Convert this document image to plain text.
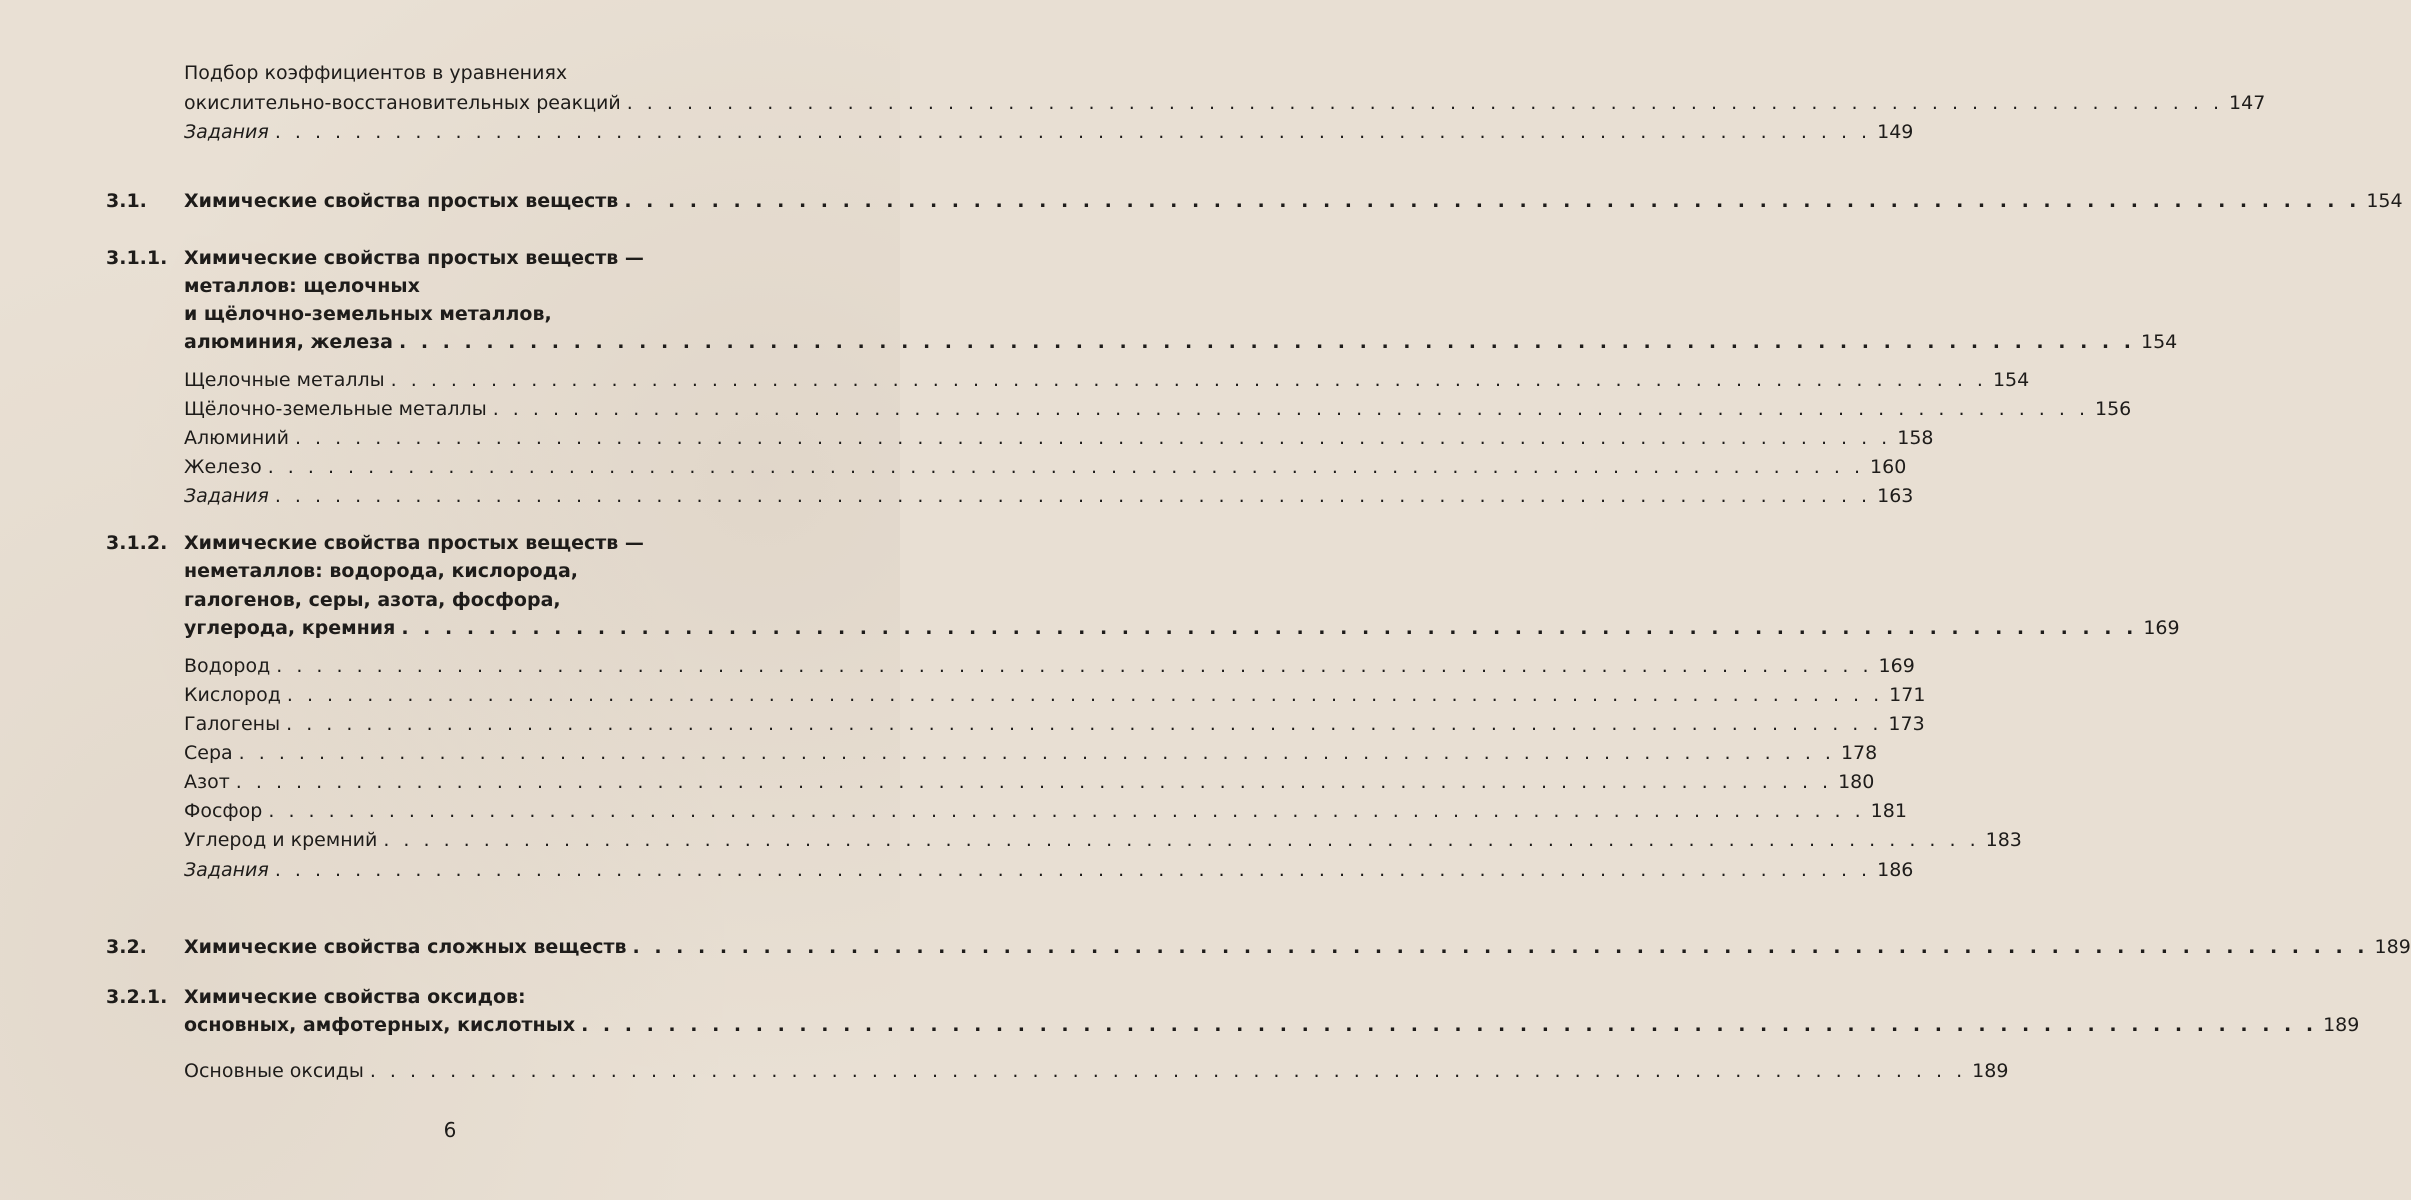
Подбор коэффициентов в уравнениях
окислительно-восстановительных реакций . . . . . . . . . . . . . . . . . . . . . . . . . . . . . . . . . . . . . . . . . . . . . . . . . . . . . . . . . . . . . . . . . . . . . . . . . . . . . . . . 147
Задания . . . . . . . . . . . . . . . . . . . . . . . . . . . . . . . . . . . . . . . . . . . . . . . . . . . . . . . . . . . . . . . . . . . . . . . . . . . . . . . . 149
3.1. Химические свойства простых веществ . . . . . . . . . . . . . . . . . . . . . . . . . . . . . . . . . . . . . . . . . . . . . . . . . . . . . . . . . . . . . . . . . . . . . . . . . . . . . . . . 154
3.1.1. Химические свойства простых веществ —
металлов: щелочных
и щёлочно-земельных металлов,
алюминия, железа . . . . . . . . . . . . . . . . . . . . . . . . . . . . . . . . . . . . . . . . . . . . . . . . . . . . . . . . . . . . . . . . . . . . . . . . . . . . . . . . 154
Щелочные металлы . . . . . . . . . . . . . . . . . . . . . . . . . . . . . . . . . . . . . . . . . . . . . . . . . . . . . . . . . . . . . . . . . . . . . . . . . . . . . . . . 154
Щёлочно-земельные металлы . . . . . . . . . . . . . . . . . . . . . . . . . . . . . . . . . . . . . . . . . . . . . . . . . . . . . . . . . . . . . . . . . . . . . . . . . . . . . . . . 156
Алюминий . . . . . . . . . . . . . . . . . . . . . . . . . . . . . . . . . . . . . . . . . . . . . . . . . . . . . . . . . . . . . . . . . . . . . . . . . . . . . . . . 158
Железо . . . . . . . . . . . . . . . . . . . . . . . . . . . . . . . . . . . . . . . . . . . . . . . . . . . . . . . . . . . . . . . . . . . . . . . . . . . . . . . . 160
Задания . . . . . . . . . . . . . . . . . . . . . . . . . . . . . . . . . . . . . . . . . . . . . . . . . . . . . . . . . . . . . . . . . . . . . . . . . . . . . . . . 163
3.1.2. Химические свойства простых веществ —
неметаллов: водорода, кислорода,
галогенов, серы, азота, фосфора,
углерода, кремния . . . . . . . . . . . . . . . . . . . . . . . . . . . . . . . . . . . . . . . . . . . . . . . . . . . . . . . . . . . . . . . . . . . . . . . . . . . . . . . . 169
Водород . . . . . . . . . . . . . . . . . . . . . . . . . . . . . . . . . . . . . . . . . . . . . . . . . . . . . . . . . . . . . . . . . . . . . . . . . . . . . . . . 169
Кислород . . . . . . . . . . . . . . . . . . . . . . . . . . . . . . . . . . . . . . . . . . . . . . . . . . . . . . . . . . . . . . . . . . . . . . . . . . . . . . . . 171
Галогены . . . . . . . . . . . . . . . . . . . . . . . . . . . . . . . . . . . . . . . . . . . . . . . . . . . . . . . . . . . . . . . . . . . . . . . . . . . . . . . . 173
Сера . . . . . . . . . . . . . . . . . . . . . . . . . . . . . . . . . . . . . . . . . . . . . . . . . . . . . . . . . . . . . . . . . . . . . . . . . . . . . . . . 178
Азот . . . . . . . . . . . . . . . . . . . . . . . . . . . . . . . . . . . . . . . . . . . . . . . . . . . . . . . . . . . . . . . . . . . . . . . . . . . . . . . . 180
Фосфор . . . . . . . . . . . . . . . . . . . . . . . . . . . . . . . . . . . . . . . . . . . . . . . . . . . . . . . . . . . . . . . . . . . . . . . . . . . . . . . . 181
Углерод и кремний . . . . . . . . . . . . . . . . . . . . . . . . . . . . . . . . . . . . . . . . . . . . . . . . . . . . . . . . . . . . . . . . . . . . . . . . . . . . . . . . 183
Задания . . . . . . . . . . . . . . . . . . . . . . . . . . . . . . . . . . . . . . . . . . . . . . . . . . . . . . . . . . . . . . . . . . . . . . . . . . . . . . . . 186
3.2. Химические свойства сложных веществ . . . . . . . . . . . . . . . . . . . . . . . . . . . . . . . . . . . . . . . . . . . . . . . . . . . . . . . . . . . . . . . . . . . . . . . . . . . . . . . . 189
3.2.1. Химические свойства оксидов:
основных, амфотерных, кислотных . . . . . . . . . . . . . . . . . . . . . . . . . . . . . . . . . . . . . . . . . . . . . . . . . . . . . . . . . . . . . . . . . . . . . . . . . . . . . . . . 189
Основные оксиды . . . . . . . . . . . . . . . . . . . . . . . . . . . . . . . . . . . . . . . . . . . . . . . . . . . . . . . . . . . . . . . . . . . . . . . . . . . . . . . . 189
6
